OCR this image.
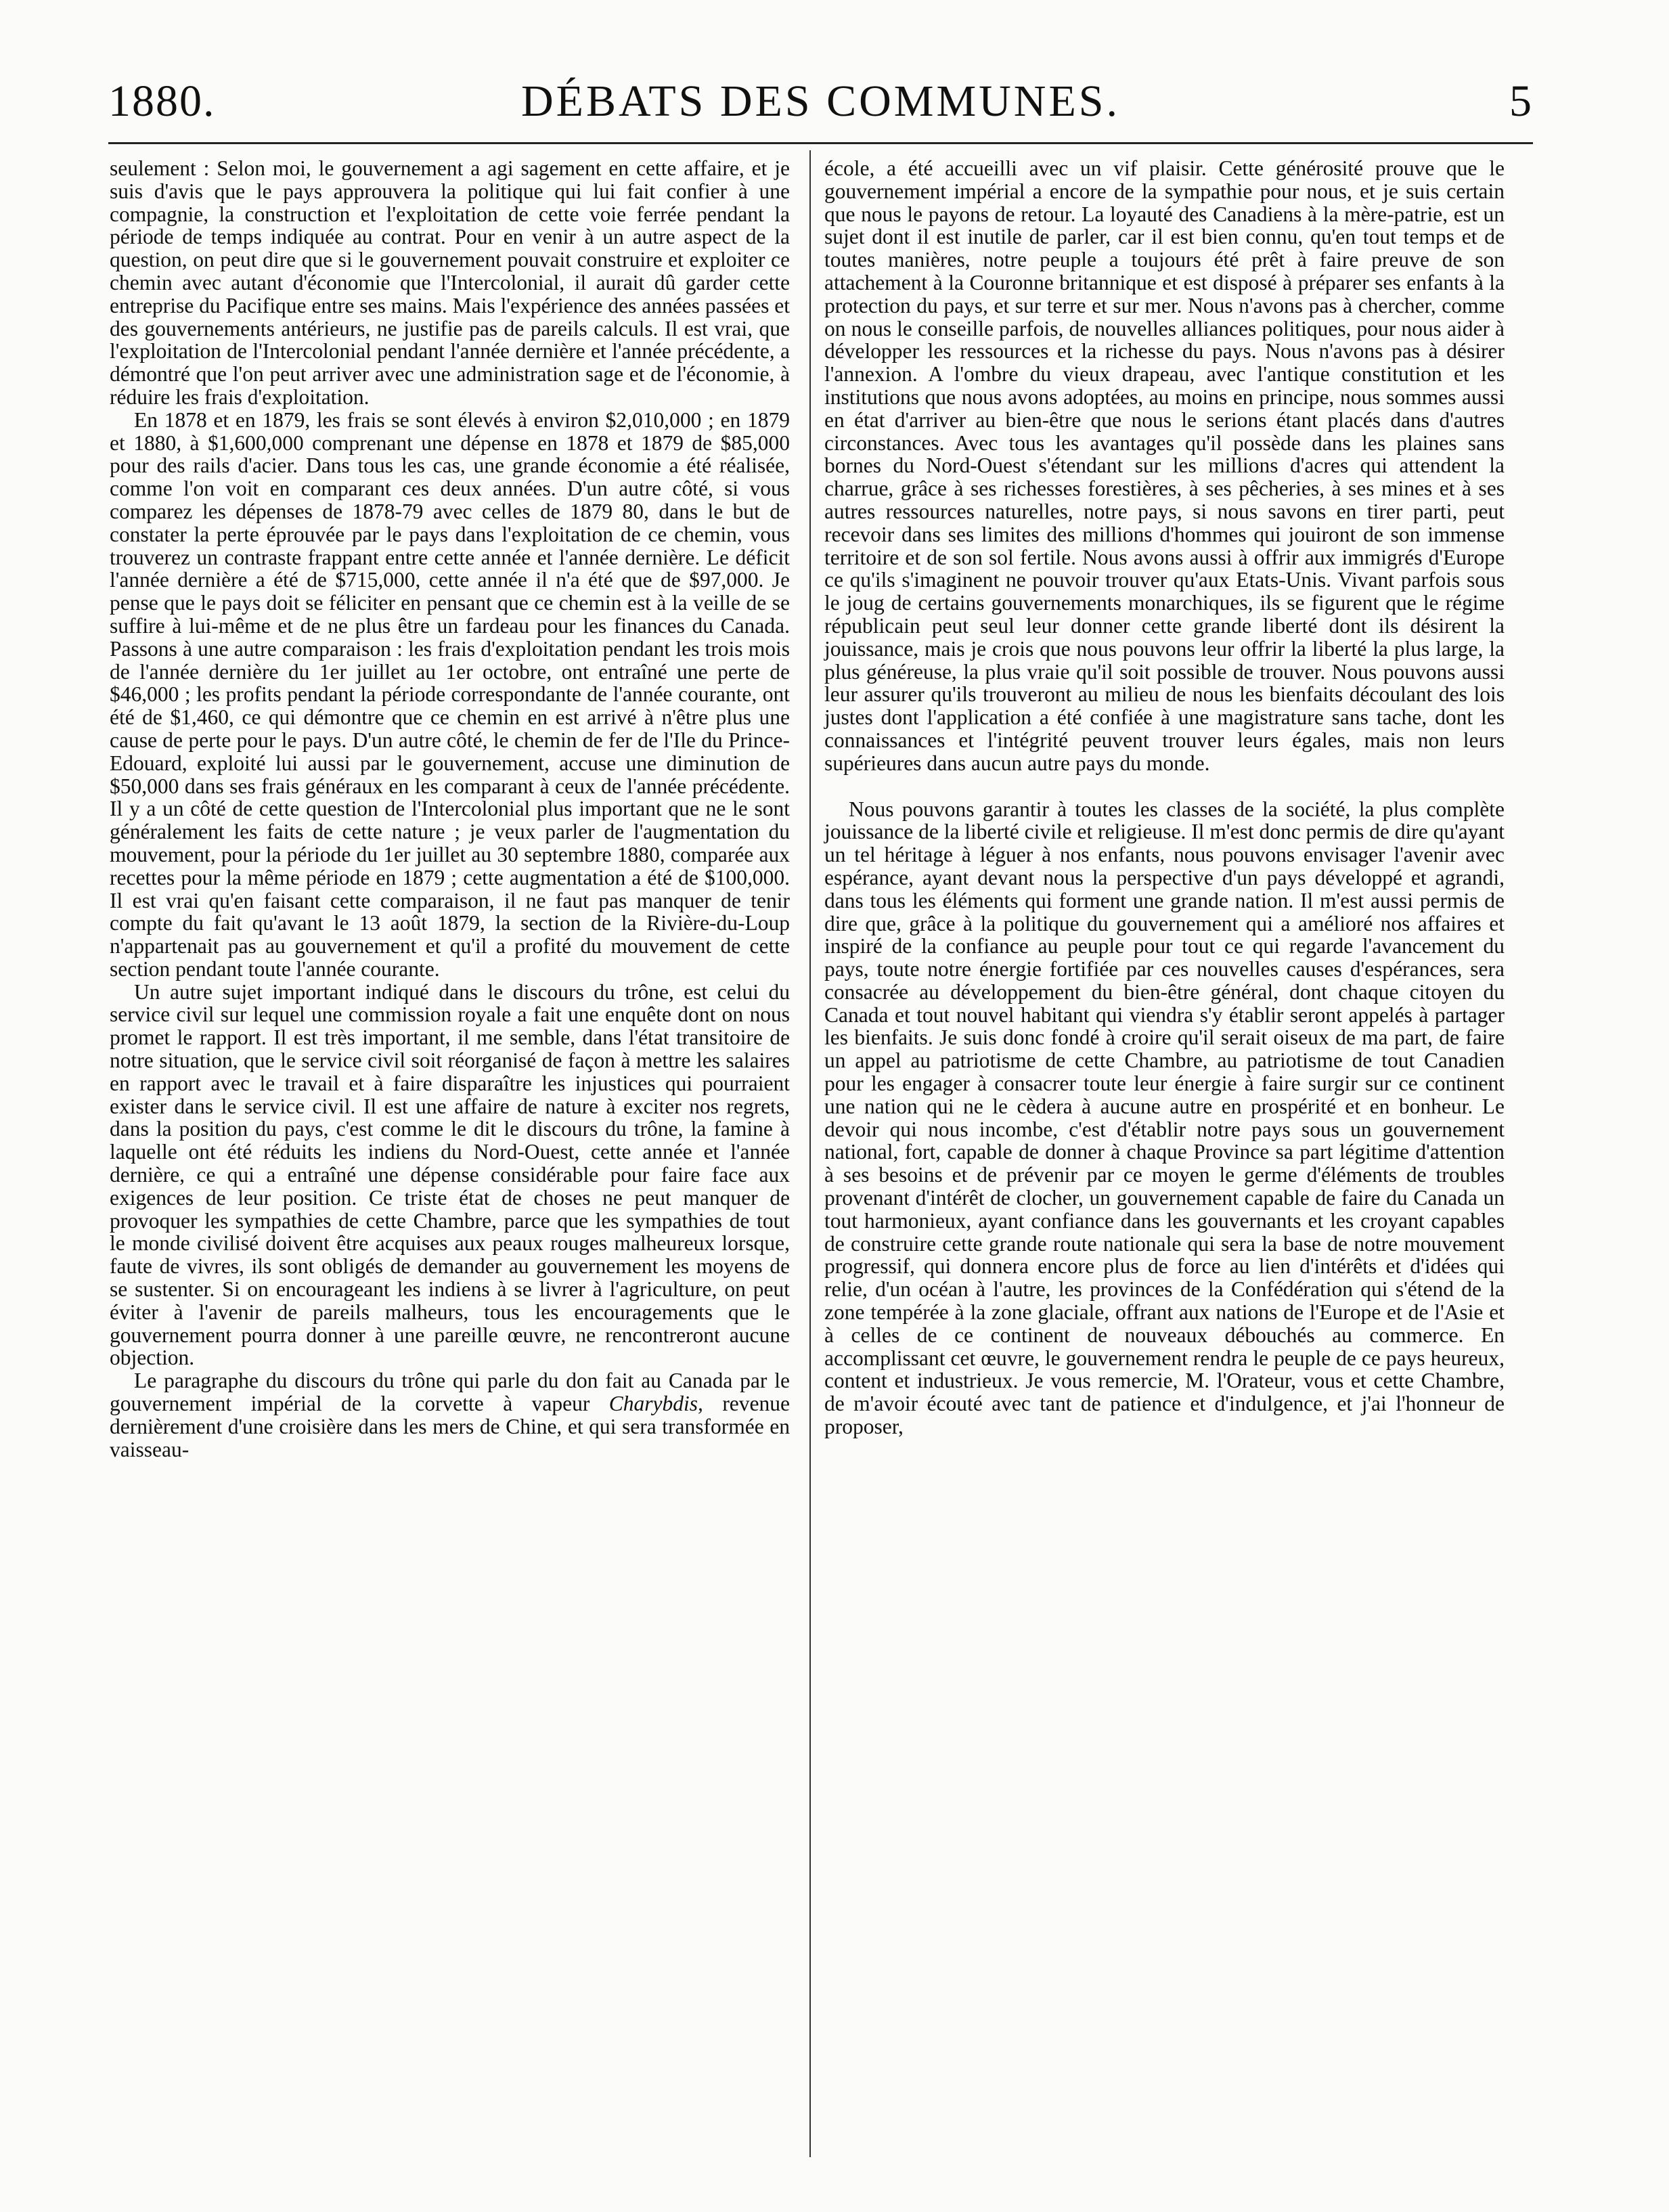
1880.	DÉBATS DES COMMUNES.	5

seulement : Selon moi, le gouvernement a agi sagement en cette affaire, et je suis d'avis que le pays approuvera la politique qui lui fait confier à une compagnie, la construction et l'exploitation de cette voie ferrée pendant la période de temps indiquée au contrat. Pour en venir à un autre aspect de la question, on peut dire que si le gouvernement pouvait construire et exploiter ce chemin avec autant d'économie que l'Intercolonial, il aurait dû garder cette entreprise du Pacifique entre ses mains. Mais l'expérience des années passées et des gouvernements antérieurs, ne justifie pas de pareils calculs. Il est vrai, que l'exploitation de l'Intercolonial pendant l'année dernière et l'année précédente, a démontré que l'on peut arriver avec une administration sage et de l'économie, à réduire les frais d'exploitation.

En 1878 et en 1879, les frais se sont élevés à environ $2,010,000 ; en 1879 et 1880, à $1,600,000 comprenant une dépense en 1878 et 1879 de $85,000 pour des rails d'acier. Dans tous les cas, une grande économie a été réalisée, comme l'on voit en comparant ces deux années. D'un autre côté, si vous comparez les dépenses de 1878-79 avec celles de 1879 80, dans le but de constater la perte éprouvée par le pays dans l'exploitation de ce chemin, vous trouverez un contraste frappant entre cette année et l'année dernière. Le déficit l'année dernière a été de $715,000, cette année il n'a été que de $97,000. Je pense que le pays doit se féliciter en pensant que ce chemin est à la veille de se suffire à lui-même et de ne plus être un fardeau pour les finances du Canada. Passons à une autre comparaison : les frais d'exploitation pendant les trois mois de l'année dernière du 1er juillet au 1er octobre, ont entraîné une perte de $46,000 ; les profits pendant la période correspondante de l'année courante, ont été de $1,460, ce qui démontre que ce chemin en est arrivé à n'être plus une cause de perte pour le pays. D'un autre côté, le chemin de fer de l'Ile du Prince-Edouard, exploité lui aussi par le gouvernement, accuse une diminution de $50,000 dans ses frais généraux en les comparant à ceux de l'année précédente. Il y a un côté de cette question de l'Intercolonial plus important que ne le sont généralement les faits de cette nature ; je veux parler de l'augmentation du mouvement, pour la période du 1er juillet au 30 septembre 1880, comparée aux recettes pour la même période en 1879 ; cette augmentation a été de $100,000. Il est vrai qu'en faisant cette comparaison, il ne faut pas manquer de tenir compte du fait qu'avant le 13 août 1879, la section de la Rivière-du-Loup n'appartenait pas au gouvernement et qu'il a profité du mouvement de cette section pendant toute l'année courante.

Un autre sujet important indiqué dans le discours du trône, est celui du service civil sur lequel une commission royale a fait une enquête dont on nous promet le rapport. Il est très important, il me semble, dans l'état transitoire de notre situation, que le service civil soit réorganisé de façon à mettre les salaires en rapport avec le travail et à faire disparaître les injustices qui pourraient exister dans le service civil. Il est une affaire de nature à exciter nos regrets, dans la position du pays, c'est comme le dit le discours du trône, la famine à laquelle ont été réduits les indiens du Nord-Ouest, cette année et l'année dernière, ce qui a entraîné une dépense considérable pour faire face aux exigences de leur position. Ce triste état de choses ne peut manquer de provoquer les sympathies de cette Chambre, parce que les sympathies de tout le monde civilisé doivent être acquises aux peaux rouges malheureux lorsque, faute de vivres, ils sont obligés de demander au gouvernement les moyens de se sustenter. Si on encourageant les indiens à se livrer à l'agriculture, on peut éviter à l'avenir de pareils malheurs, tous les encouragements que le gouvernement pourra donner à une pareille œuvre, ne rencontreront aucune objection.

Le paragraphe du discours du trône qui parle du don fait au Canada par le gouvernement impérial de la corvette à vapeur Charybdis, revenue dernièrement d'une croisière dans les mers de Chine, et qui sera transformée en vaisseau-

école, a été accueilli avec un vif plaisir. Cette générosité prouve que le gouvernement impérial a encore de la sympathie pour nous, et je suis certain que nous le payons de retour. La loyauté des Canadiens à la mère-patrie, est un sujet dont il est inutile de parler, car il est bien connu, qu'en tout temps et de toutes manières, notre peuple a toujours été prêt à faire preuve de son attachement à la Couronne britannique et est disposé à préparer ses enfants à la protection du pays, et sur terre et sur mer. Nous n'avons pas à chercher, comme on nous le conseille parfois, de nouvelles alliances politiques, pour nous aider à développer les ressources et la richesse du pays. Nous n'avons pas à désirer l'annexion. A l'ombre du vieux drapeau, avec l'antique constitution et les institutions que nous avons adoptées, au moins en principe, nous sommes aussi en état d'arriver au bien-être que nous le serions étant placés dans d'autres circonstances. Avec tous les avantages qu'il possède dans les plaines sans bornes du Nord-Ouest s'étendant sur les millions d'acres qui attendent la charrue, grâce à ses richesses forestières, à ses pêcheries, à ses mines et à ses autres ressources naturelles, notre pays, si nous savons en tirer parti, peut recevoir dans ses limites des millions d'hommes qui jouiront de son immense territoire et de son sol fertile. Nous avons aussi à offrir aux immigrés d'Europe ce qu'ils s'imaginent ne pouvoir trouver qu'aux Etats-Unis. Vivant parfois sous le joug de certains gouvernements monarchiques, ils se figurent que le régime républicain peut seul leur donner cette grande liberté dont ils désirent la jouissance, mais je crois que nous pouvons leur offrir la liberté la plus large, la plus généreuse, la plus vraie qu'il soit possible de trouver. Nous pouvons aussi leur assurer qu'ils trouveront au milieu de nous les bienfaits découlant des lois justes dont l'application a été confiée à une magistrature sans tache, dont les connaissances et l'intégrité peuvent trouver leurs égales, mais non leurs supérieures dans aucun autre pays du monde.

Nous pouvons garantir à toutes les classes de la société, la plus complète jouissance de la liberté civile et religieuse. Il m'est donc permis de dire qu'ayant un tel héritage à léguer à nos enfants, nous pouvons envisager l'avenir avec espérance, ayant devant nous la perspective d'un pays développé et agrandi, dans tous les éléments qui forment une grande nation. Il m'est aussi permis de dire que, grâce à la politique du gouvernement qui a amélioré nos affaires et inspiré de la confiance au peuple pour tout ce qui regarde l'avancement du pays, toute notre énergie fortifiée par ces nouvelles causes d'espérances, sera consacrée au développement du bien-être général, dont chaque citoyen du Canada et tout nouvel habitant qui viendra s'y établir seront appelés à partager les bienfaits. Je suis donc fondé à croire qu'il serait oiseux de ma part, de faire un appel au patriotisme de cette Chambre, au patriotisme de tout Canadien pour les engager à consacrer toute leur énergie à faire surgir sur ce continent une nation qui ne le cèdera à aucune autre en prospérité et en bonheur. Le devoir qui nous incombe, c'est d'établir notre pays sous un gouvernement national, fort, capable de donner à chaque Province sa part légitime d'attention à ses besoins et de prévenir par ce moyen le germe d'éléments de troubles provenant d'intérêt de clocher, un gouvernement capable de faire du Canada un tout harmonieux, ayant confiance dans les gouvernants et les croyant capables de construire cette grande route nationale qui sera la base de notre mouvement progressif, qui donnera encore plus de force au lien d'intérêts et d'idées qui relie, d'un océan à l'autre, les provinces de la Confédération qui s'étend de la zone tempérée à la zone glaciale, offrant aux nations de l'Europe et de l'Asie et à celles de ce continent de nouveaux débouchés au commerce. En accomplissant cet œuvre, le gouvernement rendra le peuple de ce pays heureux, content et industrieux. Je vous remercie, M. l'Orateur, vous et cette Chambre, de m'avoir écouté avec tant de patience et d'indulgence, et j'ai l'honneur de proposer,
